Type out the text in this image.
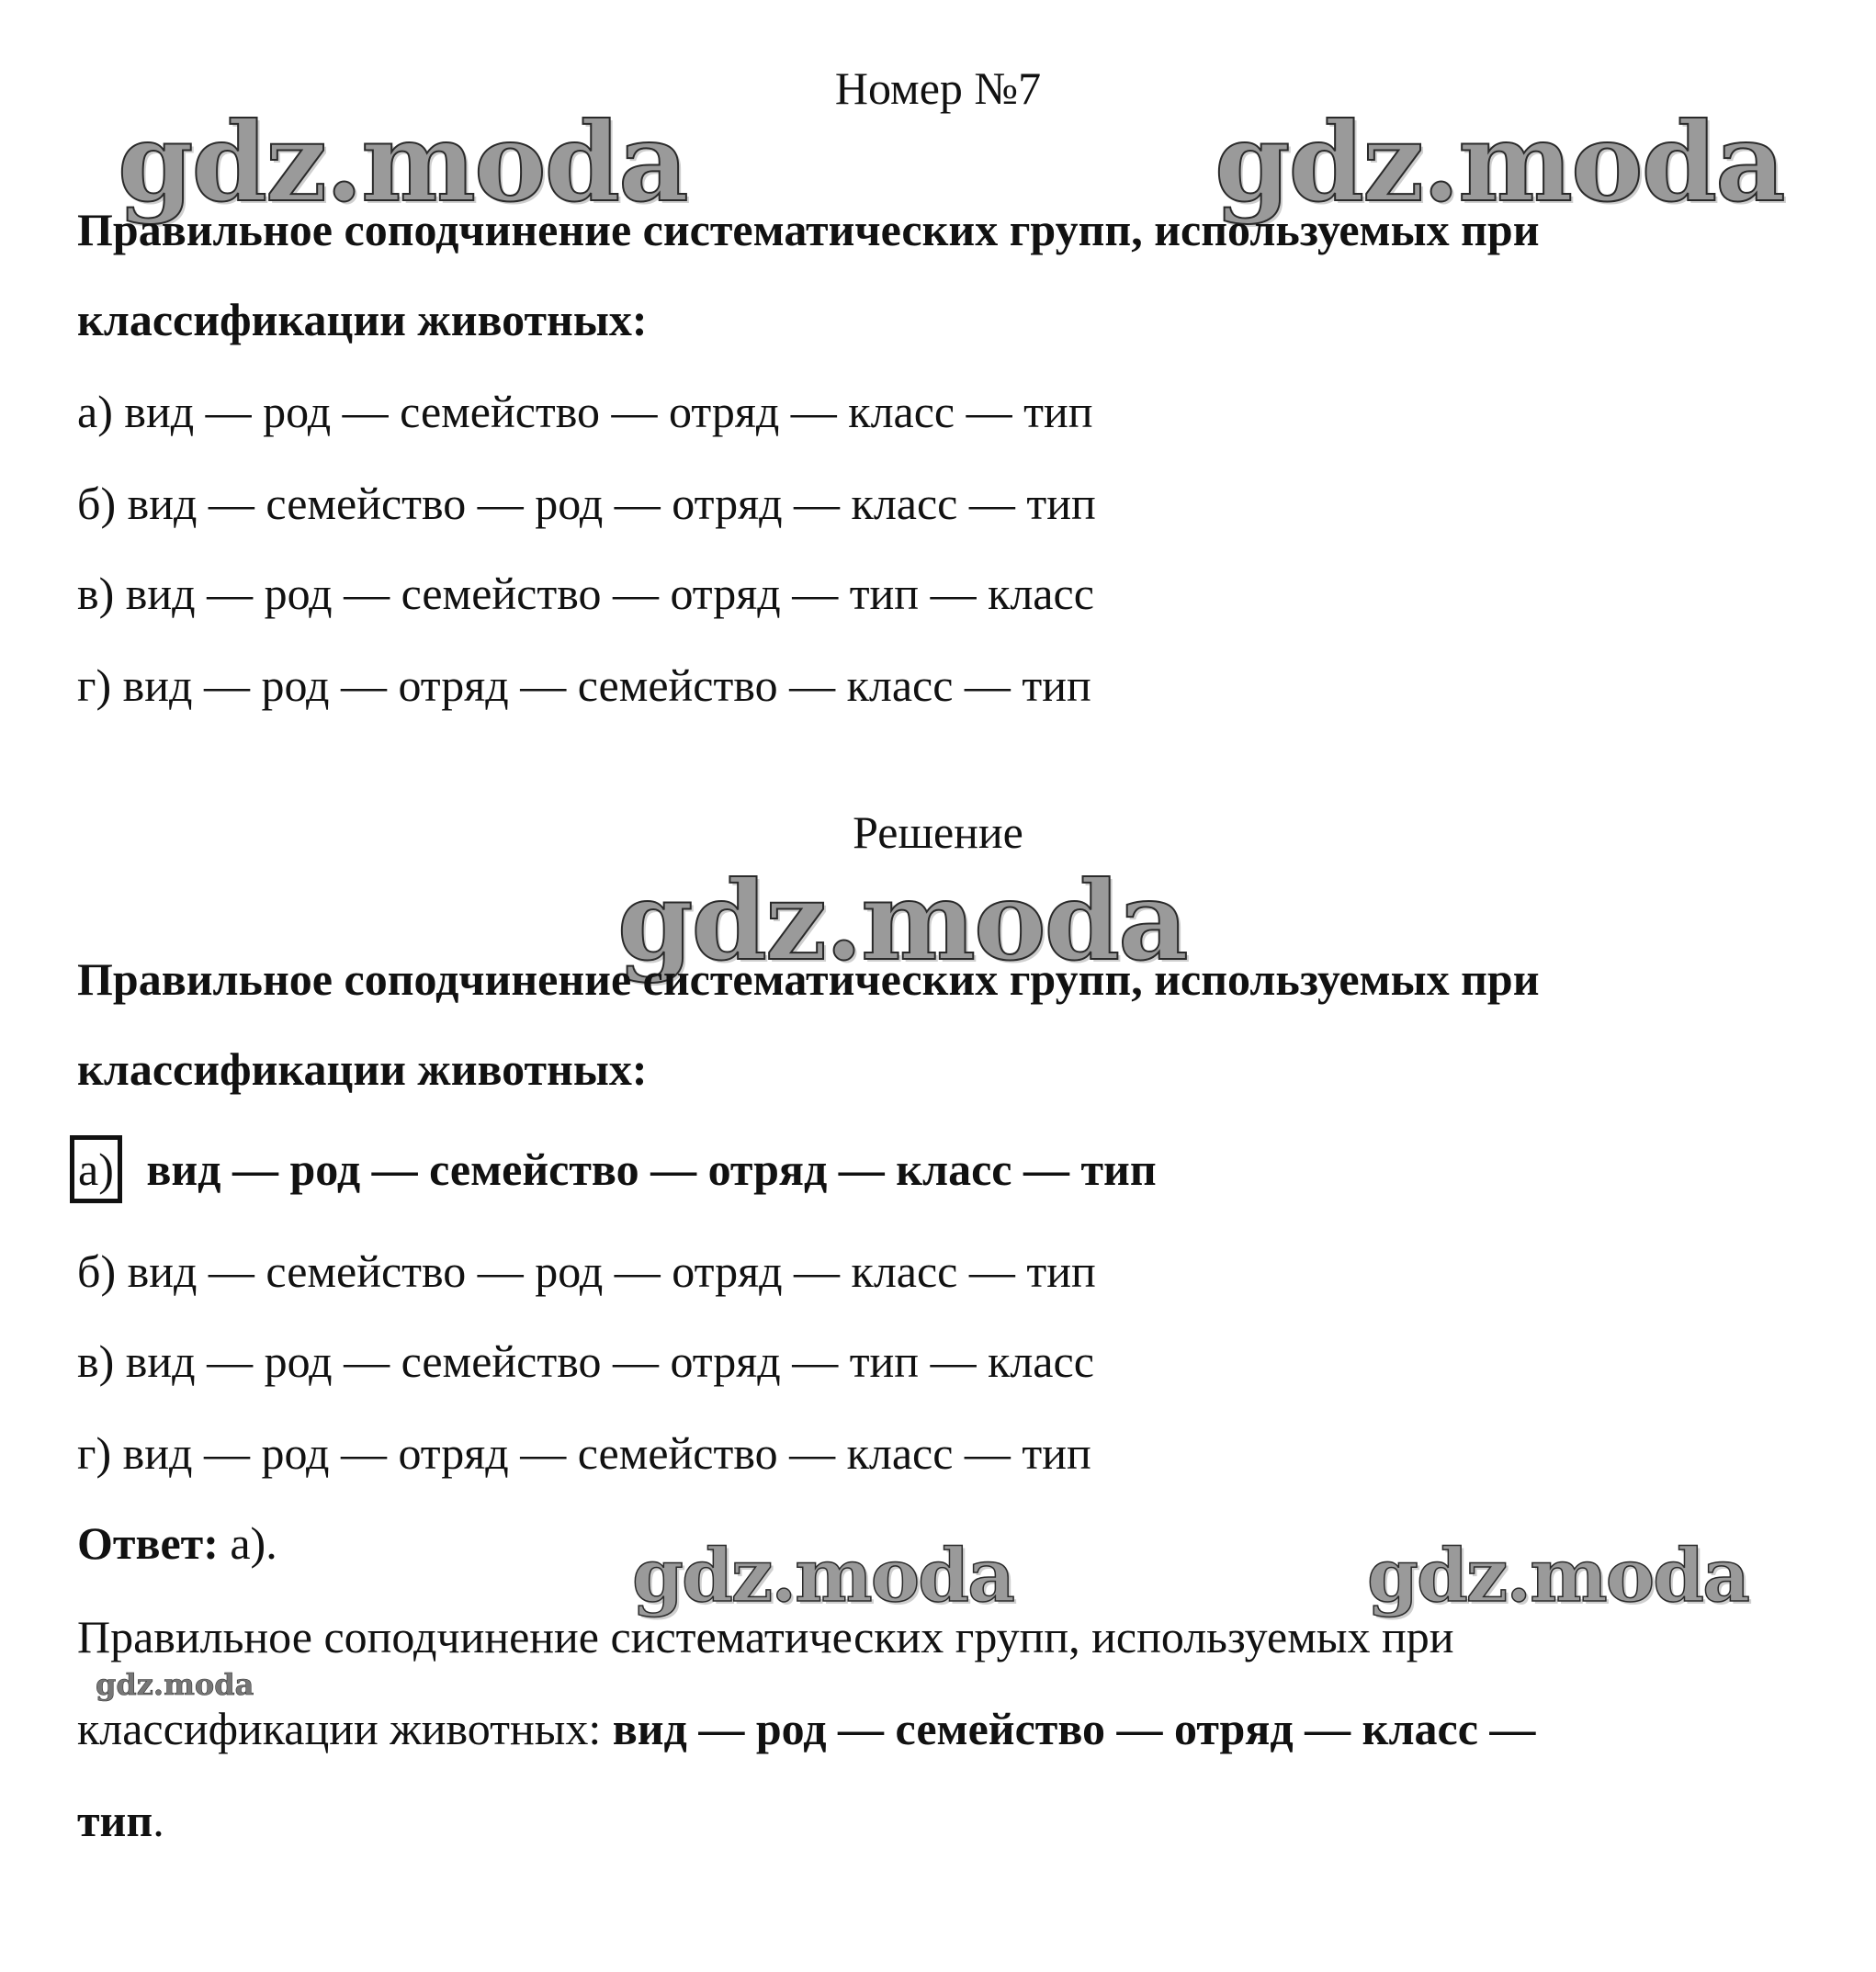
gdz.moda	gdz.moda
gdz.moda
gdz.moda	gdz.moda
gdz.moda
Номер №7
Правильное соподчинение систематических групп, используемых при
классификации животных:
а) вид — род — семейство — отряд — класс — тип
б) вид — семейство — род — отряд — класс — тип
в) вид — род — семейство — отряд — тип — класс
г) вид — род — отряд — семейство — класс — тип
Решение
Правильное соподчинение систематических групп, используемых при
классификации животных:
а) вид — род — семейство — отряд — класс — тип
б) вид — семейство — род — отряд — класс — тип
в) вид — род — семейство — отряд — тип — класс
г) вид — род — отряд — семейство — класс — тип
Ответ: а).
Правильное соподчинение систематических групп, используемых при
классификации животных: вид — род — семейство — отряд — класс —
тип.
